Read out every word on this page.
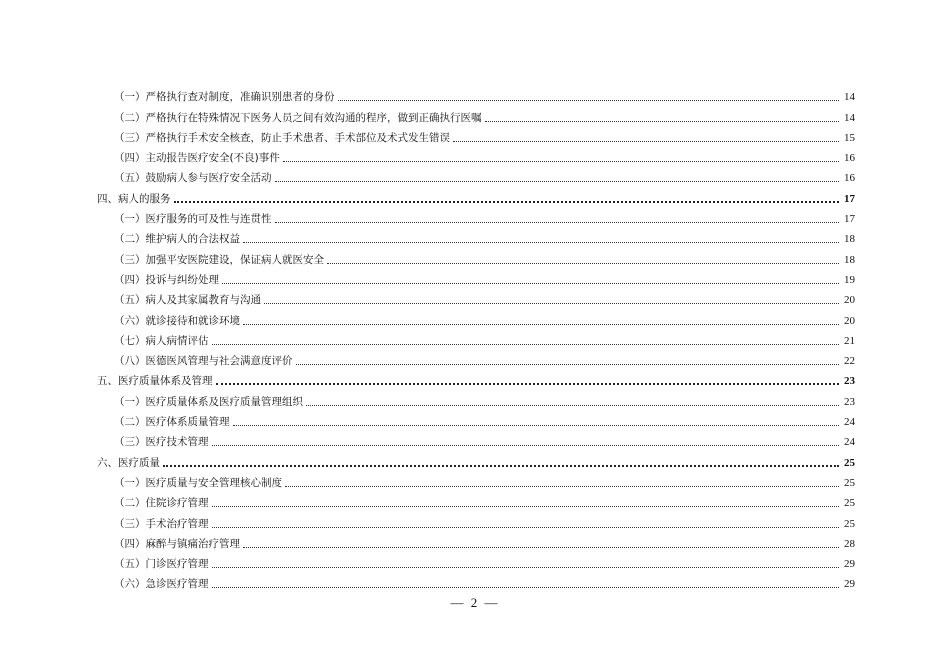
（一）严格执行查对制度，准确识别患者的身份	14
（二）严格执行在特殊情况下医务人员之间有效沟通的程序，做到正确执行医嘱	14
（三）严格执行手术安全核查，防止手术患者、手术部位及术式发生错误	15
（四）主动报告医疗安全(不良)事件	16
（五）鼓励病人参与医疗安全活动	16
四、病人的服务	17
（一）医疗服务的可及性与连贯性	17
（二）维护病人的合法权益	18
（三）加强平安医院建设，保证病人就医安全	18
（四）投诉与纠纷处理	19
（五）病人及其家属教育与沟通	20
（六）就诊接待和就诊环境	20
（七）病人病情评估	21
（八）医德医风管理与社会满意度评价	22
五、医疗质量体系及管理	23
（一）医疗质量体系及医疗质量管理组织	23
（二）医疗体系质量管理	24
（三）医疗技术管理	24
六、医疗质量	25
（一）医疗质量与安全管理核心制度	25
（二）住院诊疗管理	25
（三）手术治疗管理	25
（四）麻醉与镇痛治疗管理	28
（五）门诊医疗管理	29
（六）急诊医疗管理	29
— 2 —
